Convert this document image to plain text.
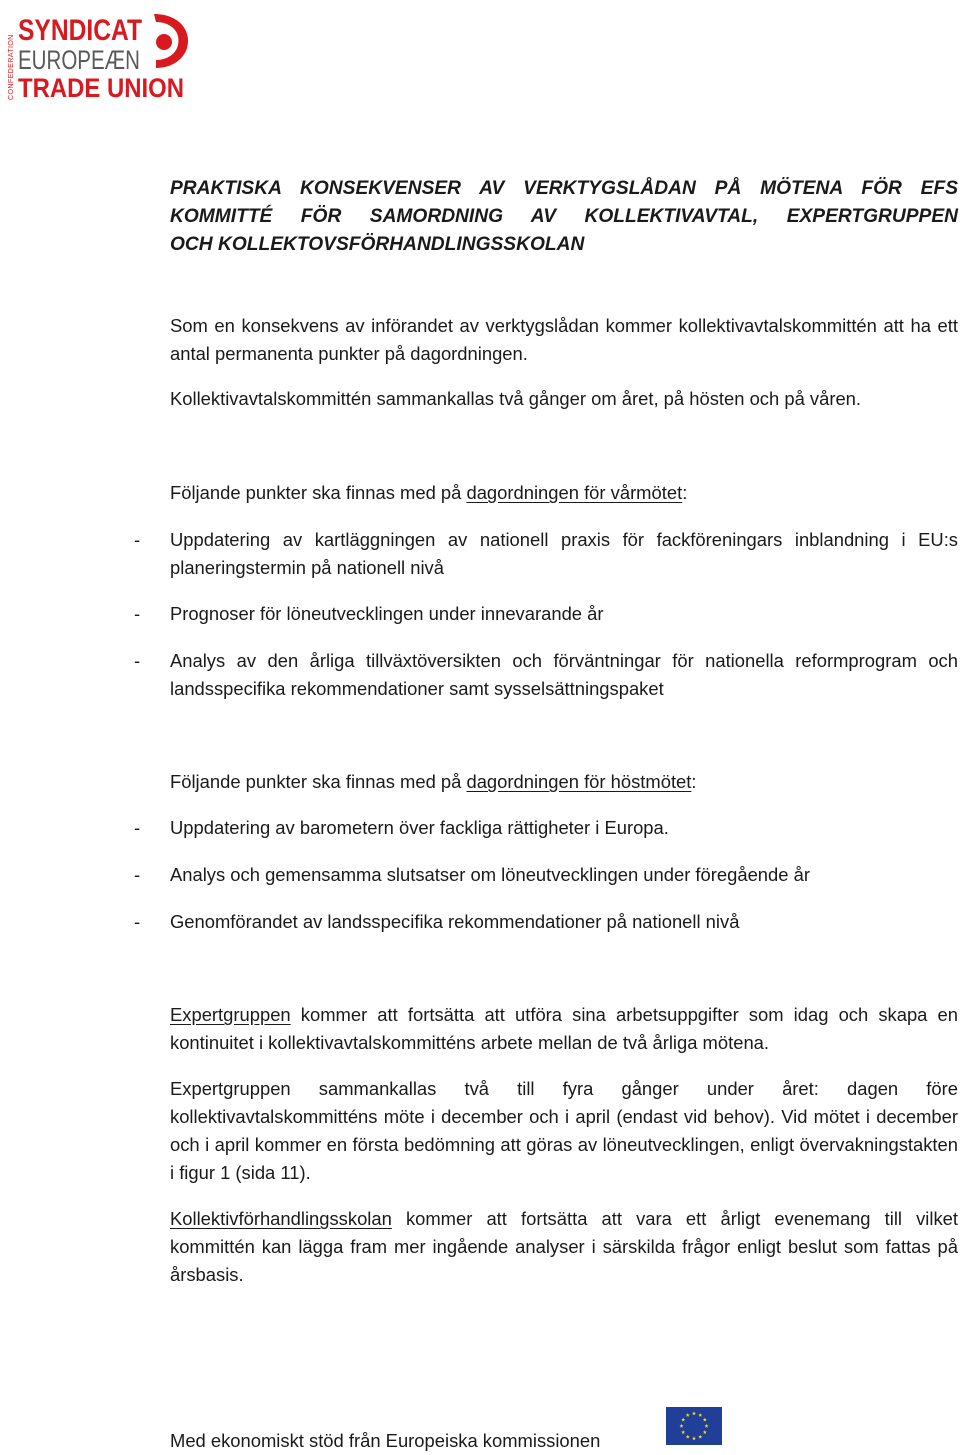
CONFEDERATION
SYNDICAT
EUROPEÆN
TRADE UNION
PRAKTISKA KONSEKVENSER AV VERKTYGSLÅDAN PÅ MÖTENA FÖR EFS
KOMMITTÉ FÖR SAMORDNING AV KOLLEKTIVAVTAL, EXPERTGRUPPEN
OCH KOLLEKTOVSFÖRHANDLINGSSKOLAN
Som en konsekvens av införandet av verktygslådan kommer kollektivavtalskommittén att ha ett antal permanenta punkter på dagordningen.
Kollektivavtalskommittén sammankallas två gånger om året, på hösten och på våren.
Följande punkter ska finnas med på dagordningen för vårmötet:
-	Uppdatering av kartläggningen av nationell praxis för fackföreningars inblandning i EU:s planeringstermin på nationell nivå
-	Prognoser för löneutvecklingen under innevarande år
-	Analys av den årliga tillväxtöversikten och förväntningar för nationella reformprogram och landsspecifika rekommendationer samt sysselsättningspaket
Följande punkter ska finnas med på dagordningen för höstmötet:
-	Uppdatering av barometern över fackliga rättigheter i Europa.
-	Analys och gemensamma slutsatser om löneutvecklingen under föregående år
-	Genomförandet av landsspecifika rekommendationer på nationell nivå
Expertgruppen kommer att fortsätta att utföra sina arbetsuppgifter som idag och skapa en kontinuitet i kollektivavtalskommitténs arbete mellan de två årliga mötena.
Expertgruppen sammankallas två till fyra gånger under året: dagen före kollektivavtalskommitténs möte i december och i april (endast vid behov). Vid mötet i december och i april kommer en första bedömning att göras av löneutvecklingen, enligt övervakningstakten i figur 1 (sida 11).
Kollektivförhandlingsskolan kommer att fortsätta att vara ett årligt evenemang till vilket kommittén kan lägga fram mer ingående analyser i särskilda frågor enligt beslut som fattas på årsbasis.
Med ekonomiskt stöd från Europeiska kommissionen
